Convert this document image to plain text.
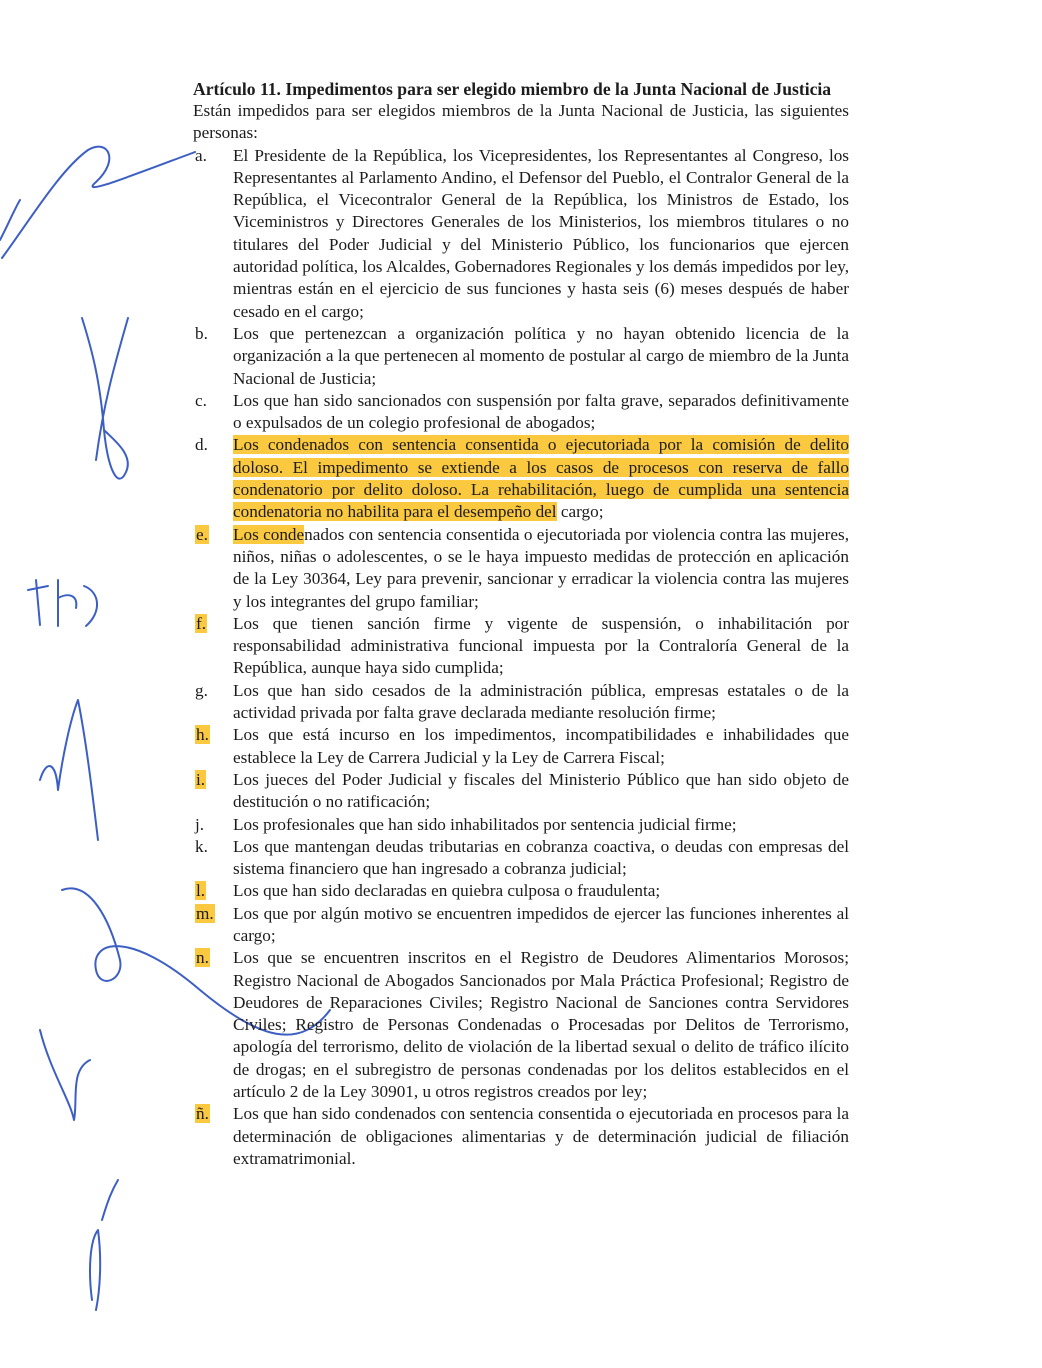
Artículo 11. Impedimentos para ser elegido miembro de la Junta Nacional de Justicia
Están impedidos para ser elegidos miembros de la Junta Nacional de Justicia, las siguientes personas:
a.	El Presidente de la República, los Vicepresidentes, los Representantes al Congreso, los Representantes al Parlamento Andino, el Defensor del Pueblo, el Contralor General de la República, el Vicecontralor General de la República, los Ministros de Estado, los Viceministros y Directores Generales de los Ministerios, los miembros titulares o no titulares del Poder Judicial y del Ministerio Público, los funcionarios que ejercen autoridad política, los Alcaldes, Gobernadores Regionales y los demás impedidos por ley, mientras están en el ejercicio de sus funciones y hasta seis (6) meses después de haber cesado en el cargo;
b.	Los que pertenezcan a organización política y no hayan obtenido licencia de la organización a la que pertenecen al momento de postular al cargo de miembro de la Junta Nacional de Justicia;
c.	Los que han sido sancionados con suspensión por falta grave, separados definitivamente o expulsados de un colegio profesional de abogados;
d.	Los condenados con sentencia consentida o ejecutoriada por la comisión de delito doloso. El impedimento se extiende a los casos de procesos con reserva de fallo condenatorio por delito doloso. La rehabilitación, luego de cumplida una sentencia condenatoria no habilita para el desempeño del cargo;
e.	Los condenados con sentencia consentida o ejecutoriada por violencia contra las mujeres, niños, niñas o adolescentes, o se le haya impuesto medidas de protección en aplicación de la Ley 30364, Ley para prevenir, sancionar y erradicar la violencia contra las mujeres y los integrantes del grupo familiar;
f.	Los que tienen sanción firme y vigente de suspensión, o inhabilitación por responsabilidad administrativa funcional impuesta por la Contraloría General de la República, aunque haya sido cumplida;
g.	Los que han sido cesados de la administración pública, empresas estatales o de la actividad privada por falta grave declarada mediante resolución firme;
h.	Los que está incurso en los impedimentos, incompatibilidades e inhabilidades que establece la Ley de Carrera Judicial y la Ley de Carrera Fiscal;
i.	Los jueces del Poder Judicial y fiscales del Ministerio Público que han sido objeto de destitución o no ratificación;
j.	Los profesionales que han sido inhabilitados por sentencia judicial firme;
k.	Los que mantengan deudas tributarias en cobranza coactiva, o deudas con empresas del sistema financiero que han ingresado a cobranza judicial;
l.	Los que han sido declaradas en quiebra culposa o fraudulenta;
m.	Los que por algún motivo se encuentren impedidos de ejercer las funciones inherentes al cargo;
n.	Los que se encuentren inscritos en el Registro de Deudores Alimentarios Morosos; Registro Nacional de Abogados Sancionados por Mala Práctica Profesional; Registro de Deudores de Reparaciones Civiles; Registro Nacional de Sanciones contra Servidores Civiles; Registro de Personas Condenadas o Procesadas por Delitos de Terrorismo, apología del terrorismo, delito de violación de la libertad sexual o delito de tráfico ilícito de drogas; en el subregistro de personas condenadas por los delitos establecidos en el artículo 2 de la Ley 30901, u otros registros creados por ley;
ñ.	Los que han sido condenados con sentencia consentida o ejecutoriada en procesos para la determinación de obligaciones alimentarias y de determinación judicial de filiación extramatrimonial.
